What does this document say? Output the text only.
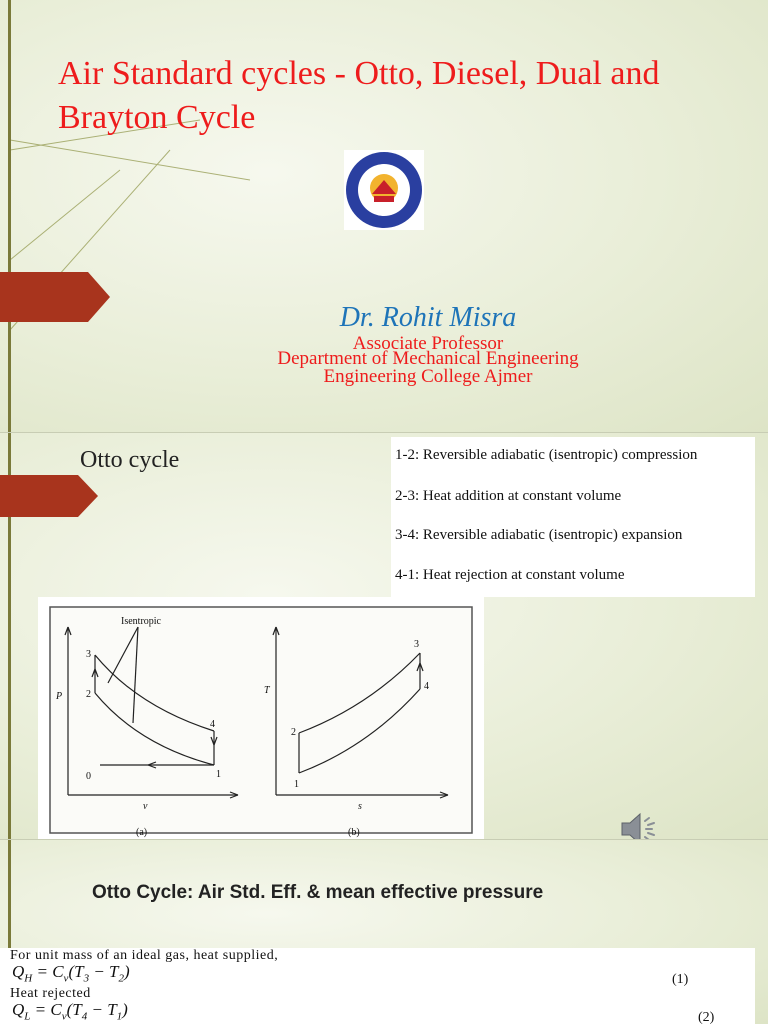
Air Standard cycles - Otto, Diesel, Dual and Brayton Cycle
Dr. Rohit Misra
Associate Professor
Department of Mechanical Engineering
Engineering College Ajmer
Otto cycle	1-2: Reversible adiabatic (isentropic) compression
2-3: Heat addition at constant volume
3-4: Reversible adiabatic (isentropic) expansion
4-1: Heat rejection at constant volume
P
v
(a)
Isentropic
0	1
2
3
4
T
s
(b)
1
2
3
4
Otto Cycle: Air Std. Eff. & mean effective pressure
For unit mass of an ideal gas, heat supplied,
$Q_H = C_v(T_3 - T_2)$	(1)
Heat rejected
$Q_L = C_v(T_4 - T_1)$	(2)
